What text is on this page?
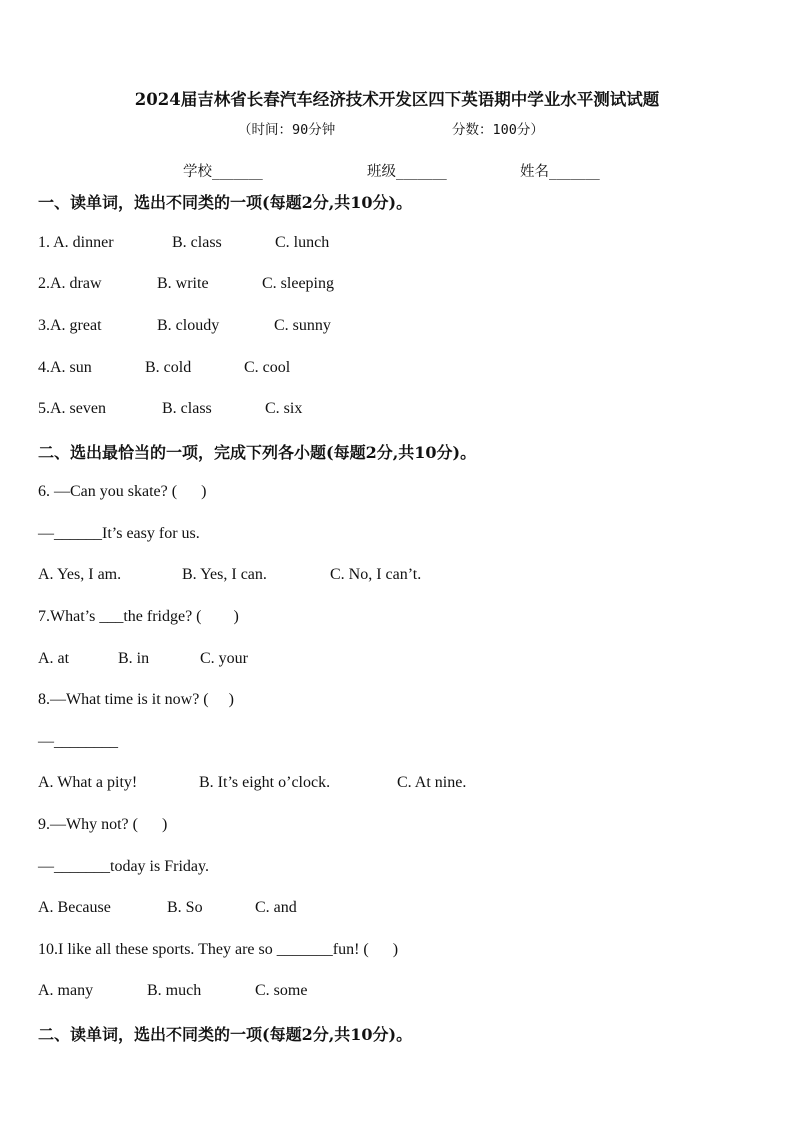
2024届吉林省长春汽车经济技术开发区四下英语期中学业水平测试试题
（时间：90分钟	分数：100分）
学校_______	班级_______	姓名_______
一、读单词，选出不同类的一项(每题2分,共10分)。
1. A. dinner	B. class	C. lunch
2.A. draw	B. write	C. sleeping
3.A. great	B. cloudy	C. sunny
4.A. sun	B. cold	C. cool
5.A. seven	B. class	C. six
二、选出最恰当的一项，完成下列各小题(每题2分,共10分)。
6. —Can you skate? (      )
—______It’s easy for us.
A. Yes, I am.	B. Yes, I can.	C. No, I can’t.
7.What’s ___the fridge? (        )
A. at	B. in	C. your
8.—What time is it now? (     )
—________
A. What a pity!	B. It’s eight o’clock.	C. At nine.
9.—Why not? (      )
—_______today is Friday.
A. Because	B. So	C. and
10.I like all these sports. They are so _______fun! (      )
A. many	B. much	C. some
二、读单词，选出不同类的一项(每题2分,共10分)。
